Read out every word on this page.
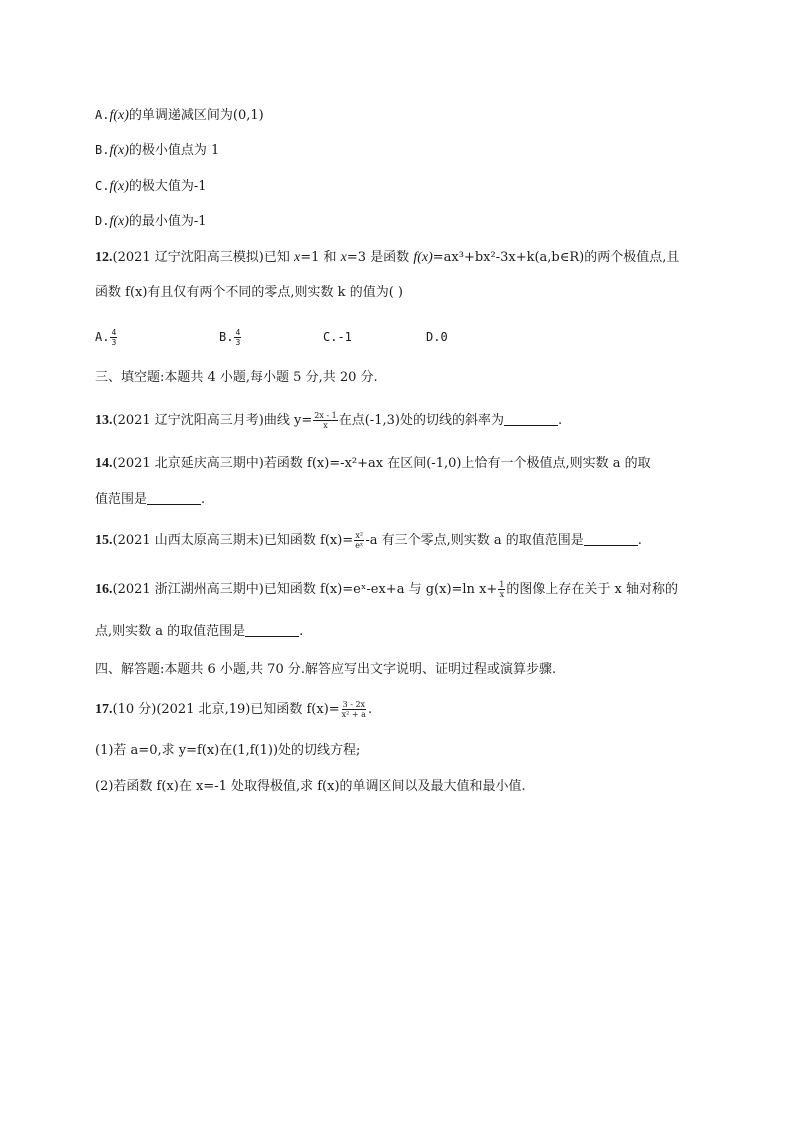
A.f(x)的单调递减区间为(0,1)
B.f(x)的极小值点为 1
C.f(x)的极大值为-1
D.f(x)的最小值为-1
12.(2021 辽宁沈阳高三模拟)已知 x=1 和 x=3 是函数 f(x)=ax³+bx²-3x+k(a,b∈R)的两个极值点,且
函数 f(x)有且仅有两个不同的零点,则实数 k 的值为( )
A. $\frac{4}{3}$	B. $\frac{4}{3}$	C.-1	D.0
三、填空题:本题共 4 小题,每小题 5 分,共 20 分.
13.(2021 辽宁沈阳高三月考)曲线 $y= \frac{2x - 1}{x}$ 在点(-1,3)处的切线的斜率为	.
14.(2021 北京延庆高三期中)若函数 f(x)=-x²+ax 在区间(-1,0)上恰有一个极值点,则实数 a 的取
值范围是	.
15.(2021 山西太原高三期末)已知函数 $f(x)= \frac{\text{x²}}{\text{eˣ}} -a$ 有三个零点,则实数 a 的取值范围是	.
16.(2021 浙江湖州高三期中)已知函数 f(x)=eˣ-ex+a 与 g(x)=ln $x+ \frac{1}{x}$ 的图像上存在关于 x 轴对称的
点,则实数 a 的取值范围是	.
四、解答题:本题共 6 小题,共 70 分.解答应写出文字说明、证明过程或演算步骤.
17.(10 分)(2021 北京,19)已知函数 $f(x)= \frac{3 - 2x}{\text{x² + a}}$ .
(1)若 a=0,求 y=f(x)在(1,f(1))处的切线方程;
(2)若函数 f(x)在 x=-1 处取得极值,求 f(x)的单调区间以及最大值和最小值.
